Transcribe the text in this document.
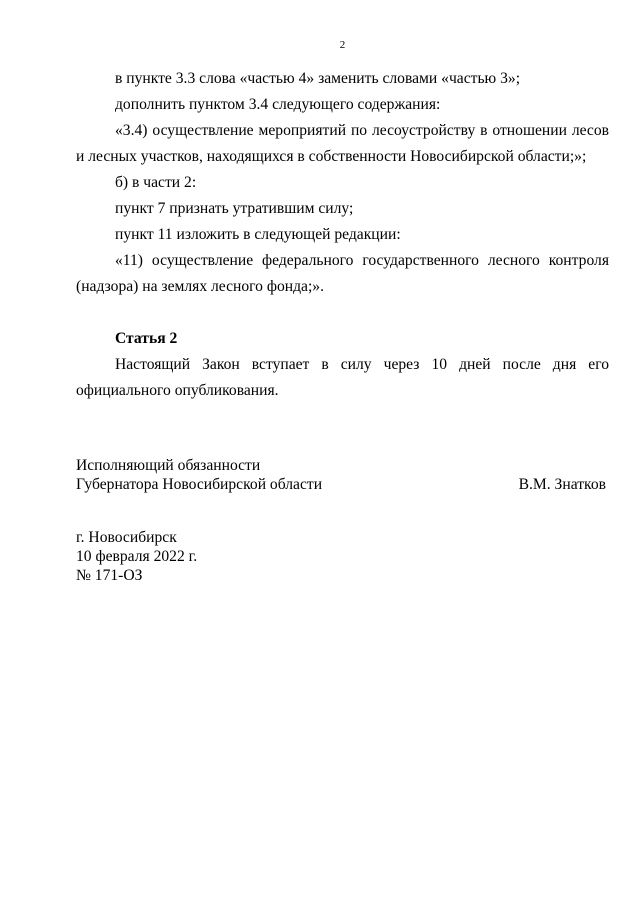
2

в пункте 3.3 слова «частью 4» заменить словами «частью 3»;

дополнить пунктом 3.4 следующего содержания:

«3.4) осуществление мероприятий по лесоустройству в отношении лесов и лесных участков, находящихся в собственности Новосибирской области;»;

б) в части 2:

пункт 7 признать утратившим силу;

пункт 11 изложить в следующей редакции:

«11) осуществление федерального государственного лесного контроля (надзора) на землях лесного фонда;».

Статья 2

Настоящий Закон вступает в силу через 10 дней после дня его официального опубликования.

Исполняющий обязанности
Губернатора Новосибирской области	В.М. Знатков
г. Новосибирск
10 февраля 2022 г.
№ 171-ОЗ
